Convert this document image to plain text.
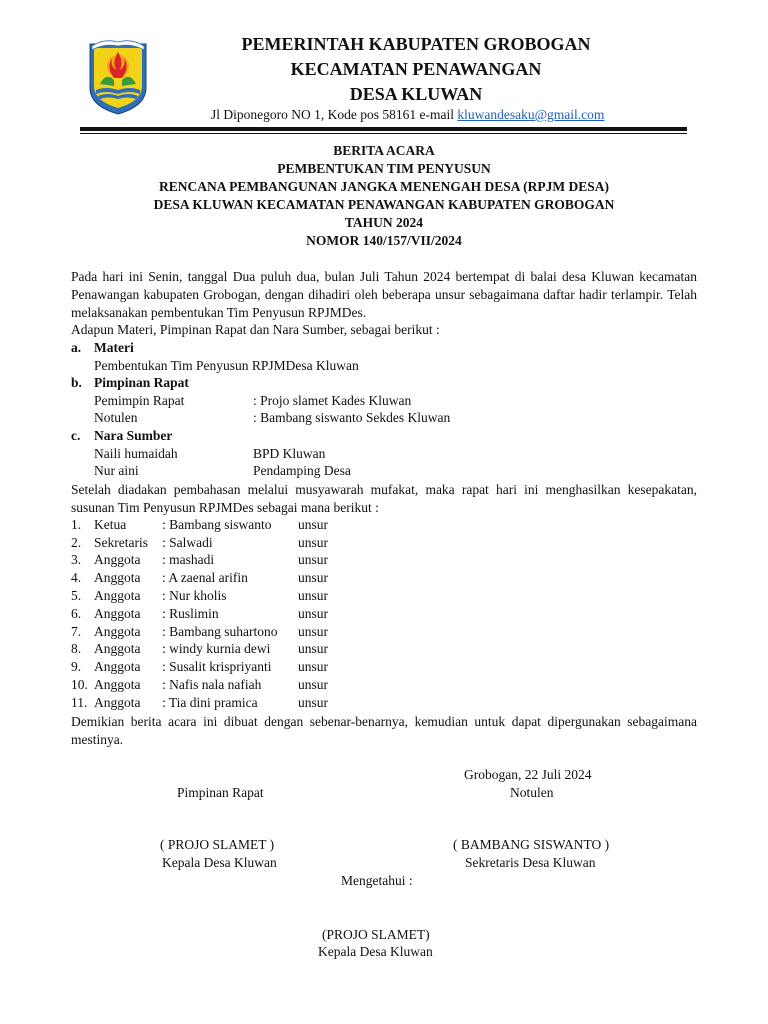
PEMERINTAH KABUPATEN GROBOGAN
KECAMATAN PENAWANGAN
DESA KLUWAN
Jl Diponegoro NO 1, Kode pos 58161 e-mail kluwandesaku@gmail.com
BERITA ACARA
PEMBENTUKAN TIM PENYUSUN
RENCANA PEMBANGUNAN JANGKA MENENGAH DESA (RPJM DESA)
DESA KLUWAN KECAMATAN PENAWANGAN KABUPATEN GROBOGAN
TAHUN 2024
NOMOR 140/157/VII/2024
Pada hari ini Senin, tanggal Dua puluh dua, bulan Juli Tahun 2024 bertempat di balai desa Kluwan kecamatan Penawangan kabupaten Grobogan, dengan dihadiri oleh beberapa unsur sebagaimana daftar hadir terlampir. Telah melaksanakan pembentukan Tim Penyusun RPJMDes.
Adapun Materi, Pimpinan Rapat dan Nara Sumber, sebagai berikut :
a. Materi
Pembentukan Tim Penyusun RPJMDesa Kluwan
b. Pimpinan Rapat
Pemimpin Rapat	: Projo slamet Kades Kluwan
Notulen	: Bambang siswanto Sekdes Kluwan
c. Nara Sumber
Naili humaidah	BPD Kluwan
Nur aini	Pendamping Desa
Setelah diadakan pembahasan melalui musyawarah mufakat, maka rapat hari ini menghasilkan kesepakatan, susunan Tim Penyusun RPJMDes sebagai mana berikut :
1. Ketua	: Bambang siswanto unsur
2. Sekretaris : Salwadi	unsur
3. Anggota : mashadi	unsur
4. Anggota : A zaenal arifin	unsur
5. Anggota : Nur kholis	unsur
6. Anggota : Ruslimin	unsur
7. Anggota : Bambang suhartono unsur
8. Anggota : windy kurnia dewi unsur
9. Anggota : Susalit krispriyanti unsur
10. Anggota : Nafis nala nafiah	unsur
11. Anggota : Tia dini pramica	unsur
Demikian berita acara ini dibuat dengan sebenar-benarnya, kemudian untuk dapat dipergunakan sebagaimana mestinya.
Grobogan, 22 Juli 2024
Pimpinan Rapat	Notulen
( PROJO SLAMET )
Kepala Desa Kluwan
( BAMBANG SISWANTO )
Sekretaris Desa Kluwan
Mengetahui :
(PROJO SLAMET)
Kepala Desa Kluwan
